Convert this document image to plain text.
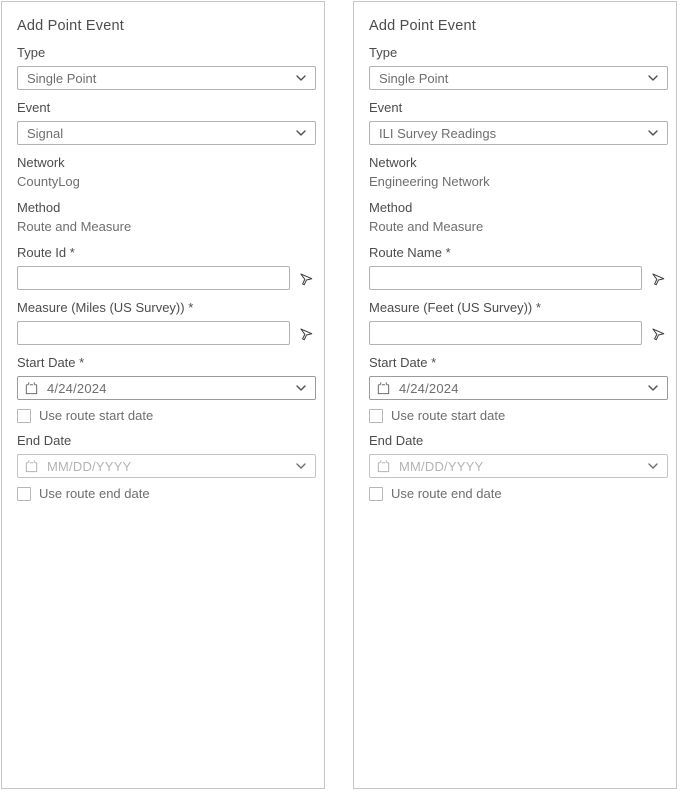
Add Point Event
Type
Single Point
Event
Signal
Network
CountyLog
Method
Route and Measure
Route Id *
Measure (Miles (US Survey)) *
Start Date *
4/24/2024
Use route start date
End Date
MM/DD/YYYY
Use route end date
Add Point Event
Type
Single Point
Event
ILI Survey Readings
Network
Engineering Network
Method
Route and Measure
Route Name *
Measure (Feet (US Survey)) *
Start Date *
4/24/2024
Use route start date
End Date
MM/DD/YYYY
Use route end date
